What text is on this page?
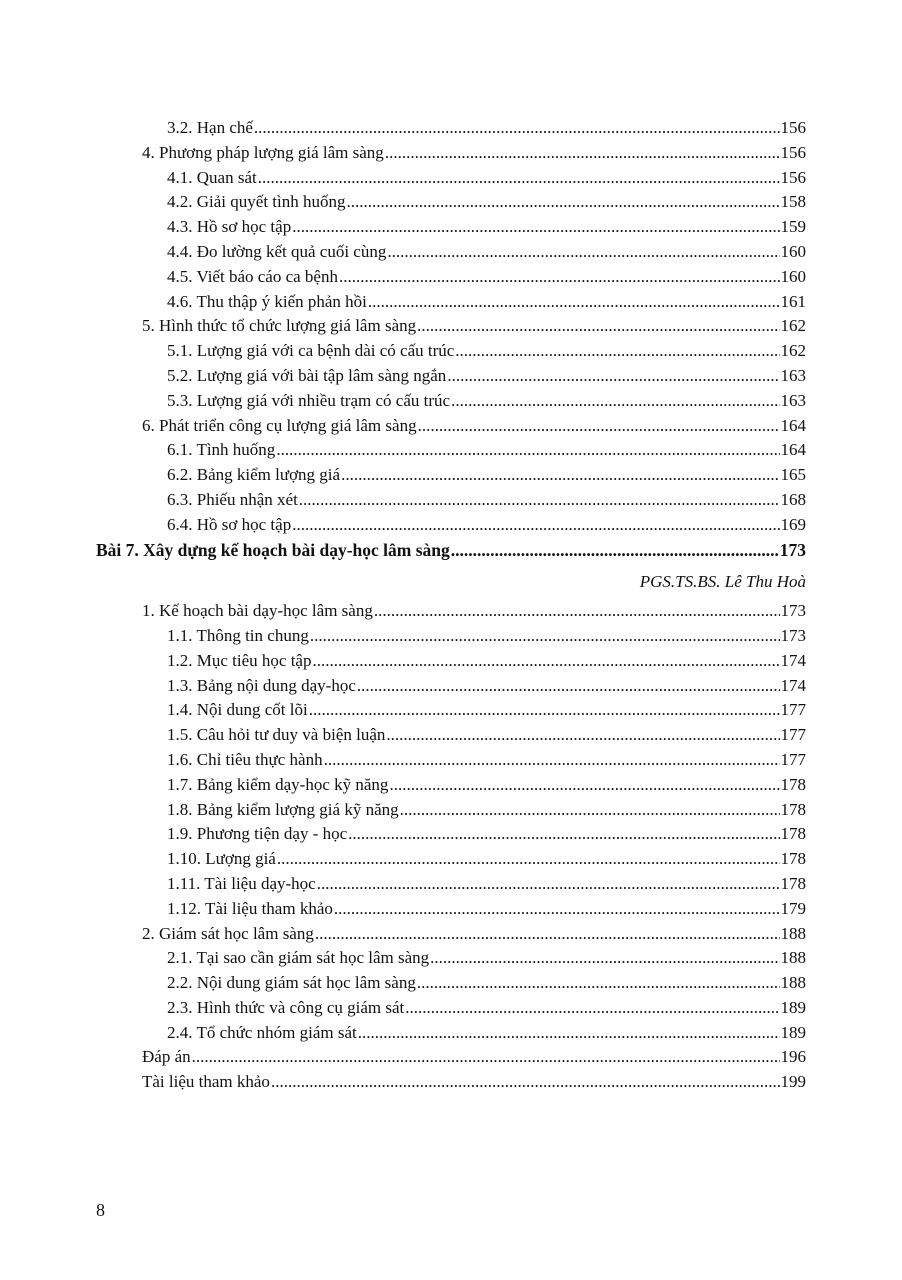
3.2. Hạn chế .....	156
4. Phương pháp lượng giá lâm sàng .....	156
4.1. Quan sát .....	156
4.2. Giải quyết tình huống .....	158
4.3. Hồ sơ học tập .....	159
4.4. Đo lường kết quả cuối cùng .....	160
4.5. Viết báo cáo ca bệnh .....	160
4.6. Thu thập ý kiến phản hồi .....	161
5. Hình thức tổ chức lượng giá lâm sàng .....	162
5.1. Lượng giá với ca bệnh dài có cấu trúc .....	162
5.2. Lượng giá với bài tập lâm sàng ngắn .....	163
5.3. Lượng giá với nhiều trạm có cấu trúc .....	163
6. Phát triển công cụ lượng giá lâm sàng .....	164
6.1. Tình huống .....	164
6.2. Bảng kiểm lượng giá .....	165
6.3. Phiếu nhận xét .....	168
6.4. Hồ sơ học tập .....	169
Bài 7. Xây dựng kế hoạch bài dạy-học lâm sàng .....	173
PGS.TS.BS. Lê Thu Hoà
1. Kế hoạch bài dạy-học lâm sàng .....	173
1.1. Thông tin chung .....	173
1.2. Mục tiêu học tập .....	174
1.3. Bảng nội dung dạy-học .....	174
1.4. Nội dung cốt lõi .....	177
1.5. Câu hỏi tư duy và biện luận .....	177
1.6. Chỉ tiêu thực hành .....	177
1.7. Bảng kiểm dạy-học kỹ năng .....	178
1.8. Bảng kiểm lượng giá kỹ năng .....	178
1.9. Phương tiện dạy - học .....	178
1.10. Lượng giá .....	178
1.11. Tài liệu dạy-học .....	178
1.12. Tài liệu tham khảo .....	179
2. Giám sát học lâm sàng .....	188
2.1. Tại sao cần giám sát học lâm sàng .....	188
2.2. Nội dung giám sát học lâm sàng .....	188
2.3. Hình thức và công cụ giám sát .....	189
2.4. Tổ chức nhóm giám sát .....	189
Đáp án .....	196
Tài liệu tham khảo .....	199
8
